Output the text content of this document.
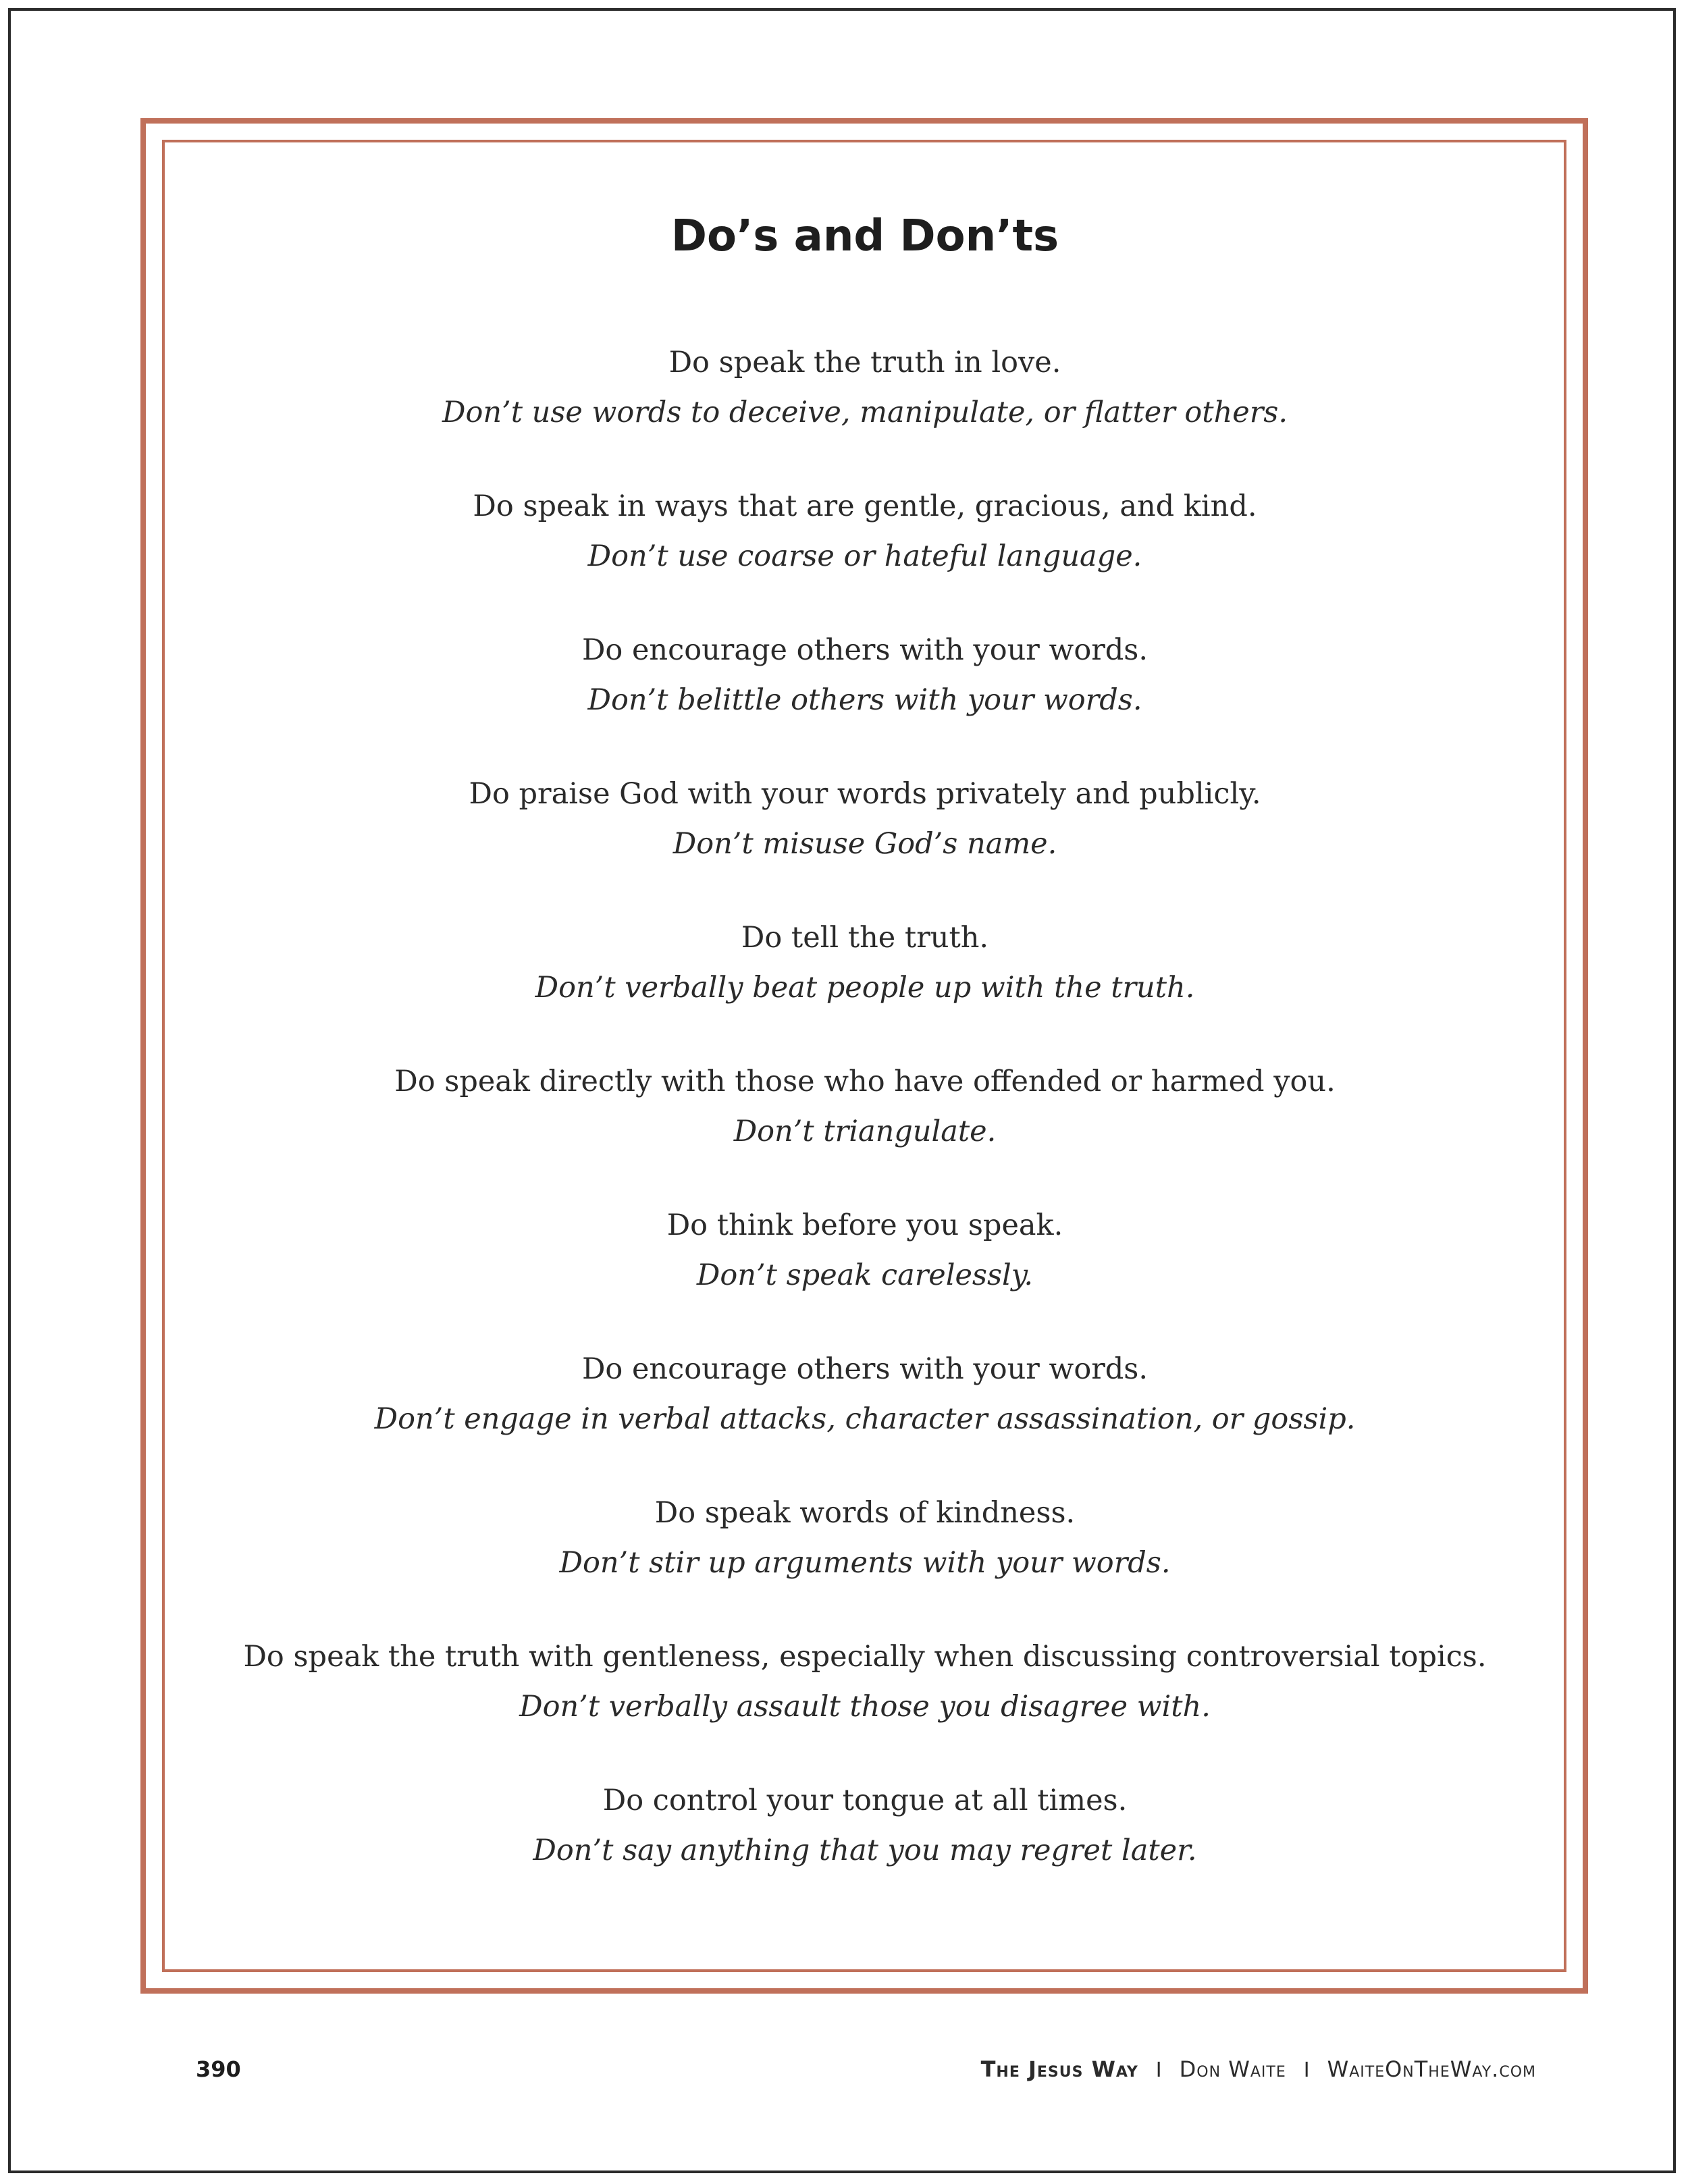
Do’s and Don’ts
Do speak the truth in love.
Don’t use words to deceive, manipulate, or flatter others.
Do speak in ways that are gentle, gracious, and kind.
Don’t use coarse or hateful language.
Do encourage others with your words.
Don’t belittle others with your words.
Do praise God with your words privately and publicly.
Don’t misuse God’s name.
Do tell the truth.
Don’t verbally beat people up with the truth.
Do speak directly with those who have offended or harmed you.
Don’t triangulate.
Do think before you speak.
Don’t speak carelessly.
Do encourage others with your words.
Don’t engage in verbal attacks, character assassination, or gossip.
Do speak words of kindness.
Don’t stir up arguments with your words.
Do speak the truth with gentleness, especially when discussing controversial topics.
Don’t verbally assault those you disagree with.
Do control your tongue at all times.
Don’t say anything that you may regret later.
390	The Jesus Way I Don Waite I WaiteOnTheWay.com
